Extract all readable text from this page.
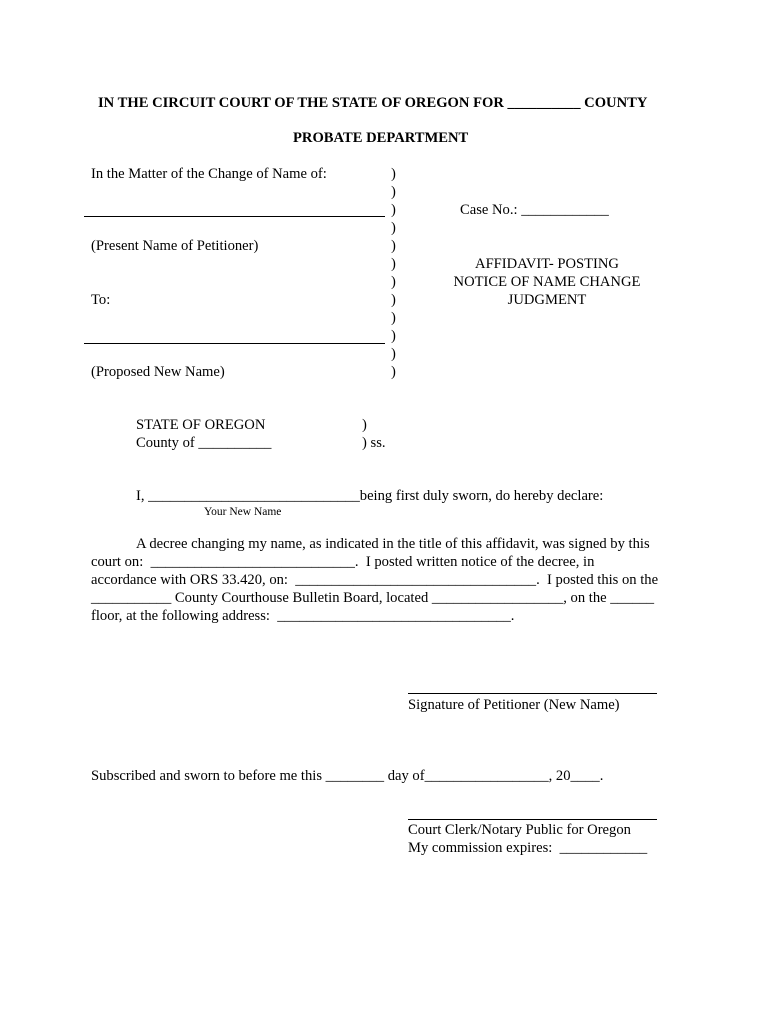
IN THE CIRCUIT COURT OF THE STATE OF OREGON FOR __________ COUNTY
PROBATE DEPARTMENT
In the Matter of the Change of Name of:
(Present Name of Petitioner)
To:
(Proposed New Name)
)
)
)
)
)
)
)
)
)
)
)
)
Case No.: ____________
AFFIDAVIT- POSTING
NOTICE OF NAME CHANGE
JUDGMENT
STATE OF OREGON
County of __________
)
) ss.
I, _____________________________being first duly sworn, do hereby declare:
Your New Name
A decree changing my name, as indicated in the title of this affidavit, was signed by this
court on:  ____________________________.  I posted written notice of the decree, in
accordance with ORS 33.420, on:  _________________________________.  I posted this on the
___________ County Courthouse Bulletin Board, located __________________, on the ______
floor, at the following address:  ________________________________.
Signature of Petitioner (New Name)
Subscribed and sworn to before me this ________ day of_________________, 20____.
Court Clerk/Notary Public for Oregon
My commission expires:  ____________
